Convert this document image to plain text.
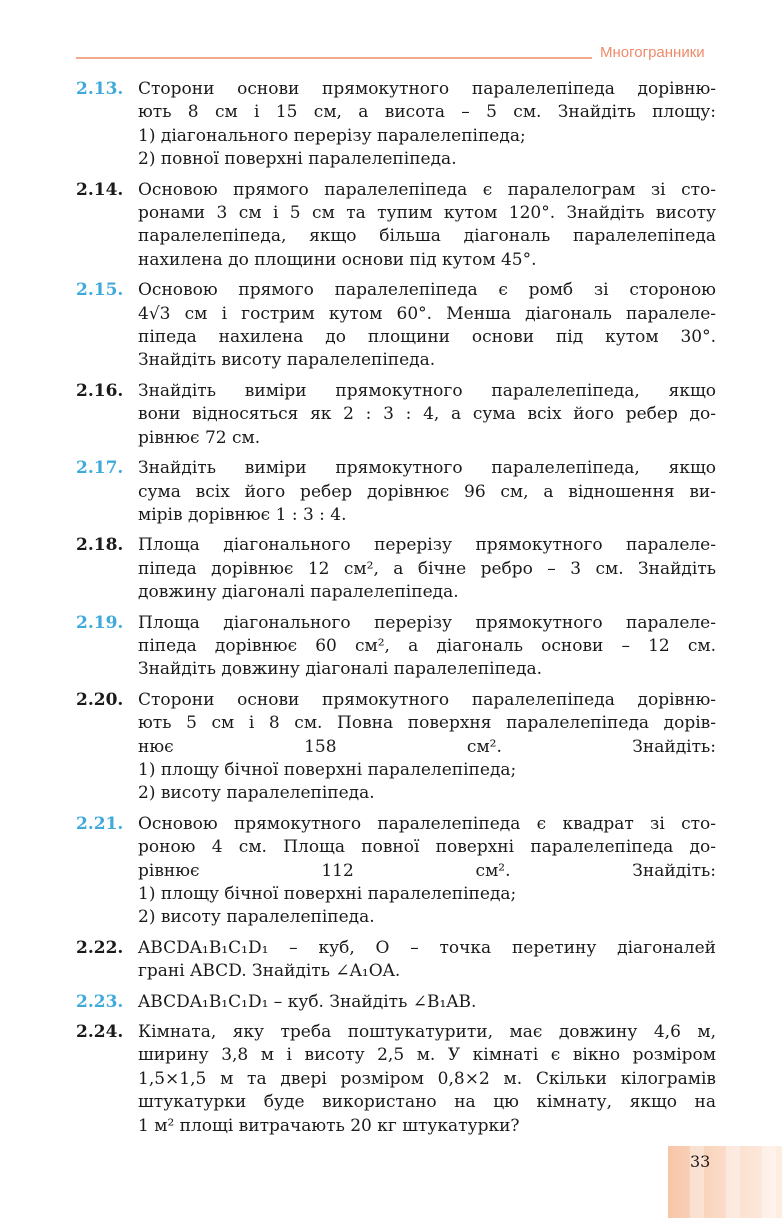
Многогранники
2.13. Сторони основи прямокутного паралелепіпеда дорівню-
ють 8 см і 15 см, а висота – 5 см. Знайдіть площу:
1) діагонального перерізу паралелепіпеда;
2) повної поверхні паралелепіпеда.
2.14. Основою прямого паралелепіпеда є паралелограм зі сто-
ронами 3 см і 5 см та тупим кутом 120°. Знайдіть висоту
паралелепіпеда, якщо більша діагональ паралелепіпеда
нахилена до площини основи під кутом 45°.
2.15. Основою прямого паралелепіпеда є ромб зі стороною
4√3 см і гострим кутом 60°. Менша діагональ паралеле-
піпеда нахилена до площини основи під кутом 30°.
Знайдіть висоту паралелепіпеда.
2.16. Знайдіть виміри прямокутного паралелепіпеда, якщо
вони відносяться як 2 : 3 : 4, а сума всіх його ребер до-
рівнює 72 см.
2.17. Знайдіть виміри прямокутного паралелепіпеда, якщо
сума всіх його ребер дорівнює 96 см, а відношення ви-
мірів дорівнює 1 : 3 : 4.
2.18. Площа діагонального перерізу прямокутного паралеле-
піпеда дорівнює 12 см², а бічне ребро – 3 см. Знайдіть
довжину діагоналі паралелепіпеда.
2.19. Площа діагонального перерізу прямокутного паралеле-
піпеда дорівнює 60 см², а діагональ основи – 12 см.
Знайдіть довжину діагоналі паралелепіпеда.
2.20. Сторони основи прямокутного паралелепіпеда дорівню-
ють 5 см і 8 см. Повна поверхня паралелепіпеда дорів-
нює 158 см². Знайдіть:
1) площу бічної поверхні паралелепіпеда;
2) висоту паралелепіпеда.
2.21. Основою прямокутного паралелепіпеда є квадрат зі сто-
роною 4 см. Площа повної поверхні паралелепіпеда до-
рівнює 112 см². Знайдіть:
1) площу бічної поверхні паралелепіпеда;
2) висоту паралелепіпеда.
2.22. ABCDA₁B₁C₁D₁ – куб, O – точка перетину діагоналей
грані ABCD. Знайдіть ∠A₁OA.
2.23. ABCDA₁B₁C₁D₁ – куб. Знайдіть ∠B₁AB.
2.24. Кімната, яку треба поштукатурити, має довжину 4,6 м,
ширину 3,8 м і висоту 2,5 м. У кімнаті є вікно розміром
1,5×1,5 м та двері розміром 0,8×2 м. Скільки кілограмів
штукатурки буде використано на цю кімнату, якщо на
1 м² площі витрачають 20 кг штукатурки?
33
